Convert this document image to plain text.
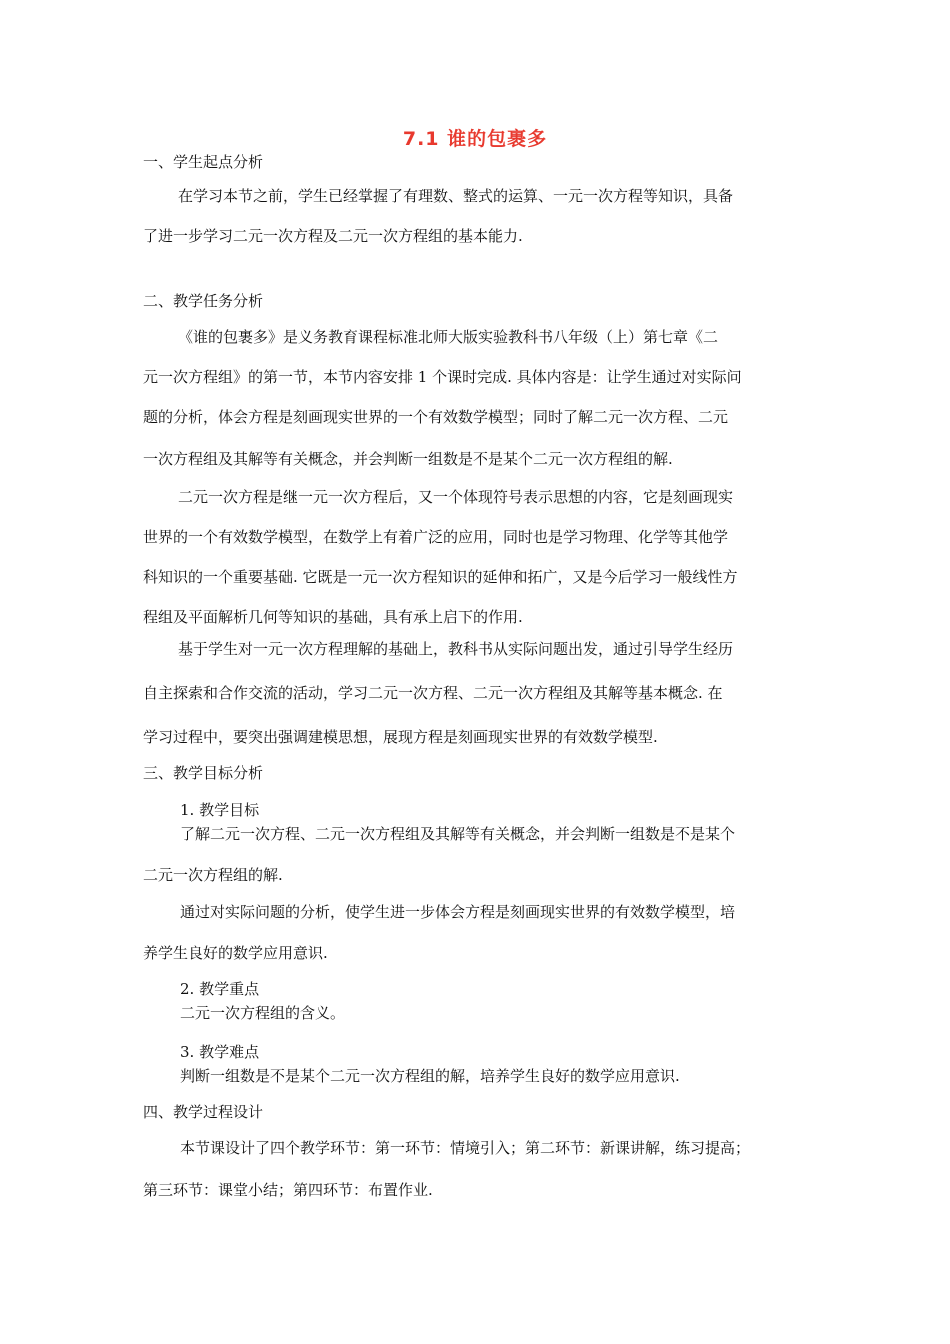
7.1 谁的包裹多
一、学生起点分析
在学习本节之前，学生已经掌握了有理数、整式的运算、一元一次方程等知识，具备
了进一步学习二元一次方程及二元一次方程组的基本能力.
二、教学任务分析
《谁的包裹多》是义务教育课程标准北师大版实验教科书八年级（上）第七章《二
元一次方程组》的第一节，本节内容安排 1 个课时完成. 具体内容是：让学生通过对实际问
题的分析，体会方程是刻画现实世界的一个有效数学模型；同时了解二元一次方程、二元
一次方程组及其解等有关概念，并会判断一组数是不是某个二元一次方程组的解.
二元一次方程是继一元一次方程后，又一个体现符号表示思想的内容，它是刻画现实
世界的一个有效数学模型，在数学上有着广泛的应用，同时也是学习物理、化学等其他学
科知识的一个重要基础. 它既是一元一次方程知识的延伸和拓广，又是今后学习一般线性方
程组及平面解析几何等知识的基础，具有承上启下的作用.
基于学生对一元一次方程理解的基础上，教科书从实际问题出发，通过引导学生经历
自主探索和合作交流的活动，学习二元一次方程、二元一次方程组及其解等基本概念. 在
学习过程中，要突出强调建模思想，展现方程是刻画现实世界的有效数学模型.
三、教学目标分析
1. 教学目标
了解二元一次方程、二元一次方程组及其解等有关概念，并会判断一组数是不是某个
二元一次方程组的解.
通过对实际问题的分析，使学生进一步体会方程是刻画现实世界的有效数学模型，培
养学生良好的数学应用意识.
2. 教学重点
二元一次方程组的含义。
3. 教学难点
判断一组数是不是某个二元一次方程组的解，培养学生良好的数学应用意识.
四、教学过程设计
本节课设计了四个教学环节：第一环节：情境引入；第二环节：新课讲解，练习提高；
第三环节：课堂小结；第四环节：布置作业.
